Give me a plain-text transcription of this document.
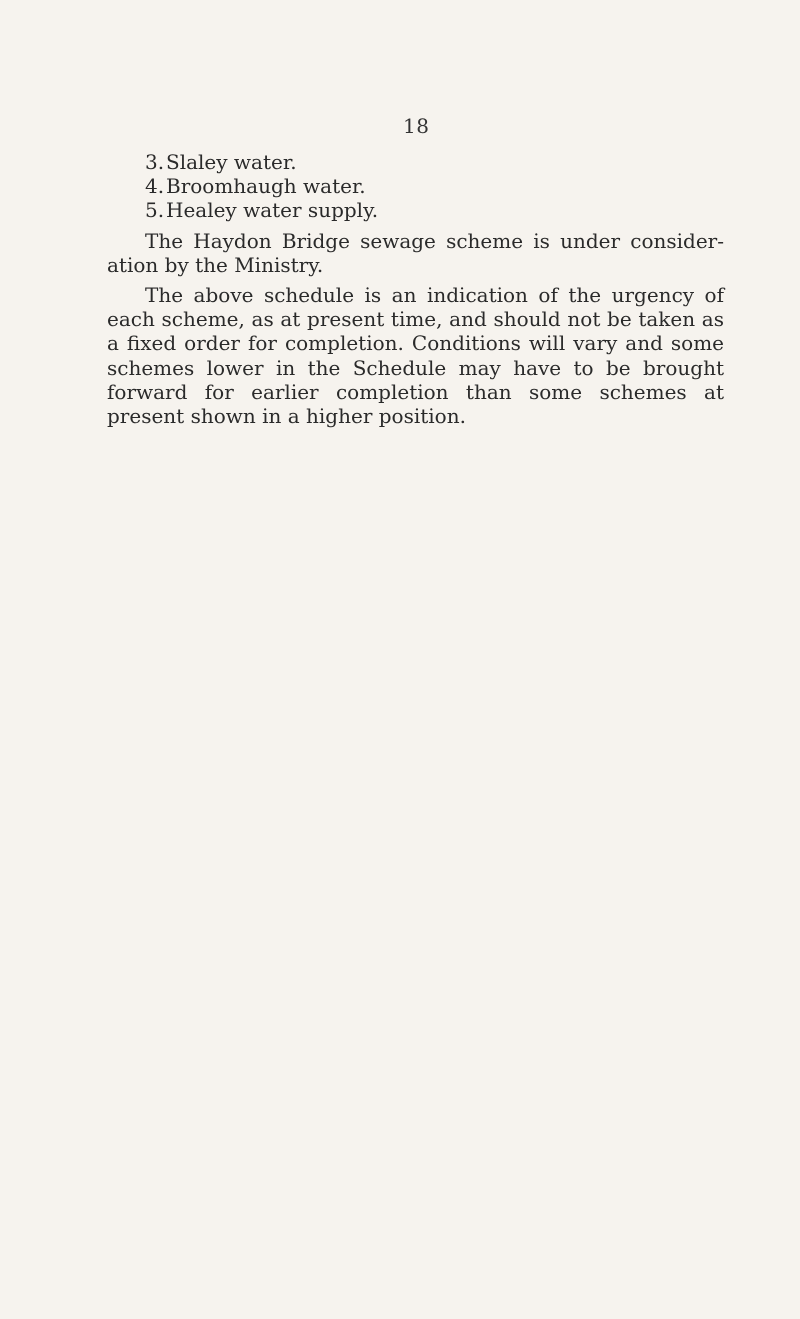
18
3. Slaley water.
4. Broomhaugh water.
5. Healey water supply.

The Haydon Bridge sewage scheme is under consider-ation by the Ministry.

The above schedule is an indication of the urgency of each scheme, as at present time, and should not be taken as a fixed order for completion. Conditions will vary and some schemes lower in the Schedule may have to be brought forward for earlier completion than some schemes at present shown in a higher position.
